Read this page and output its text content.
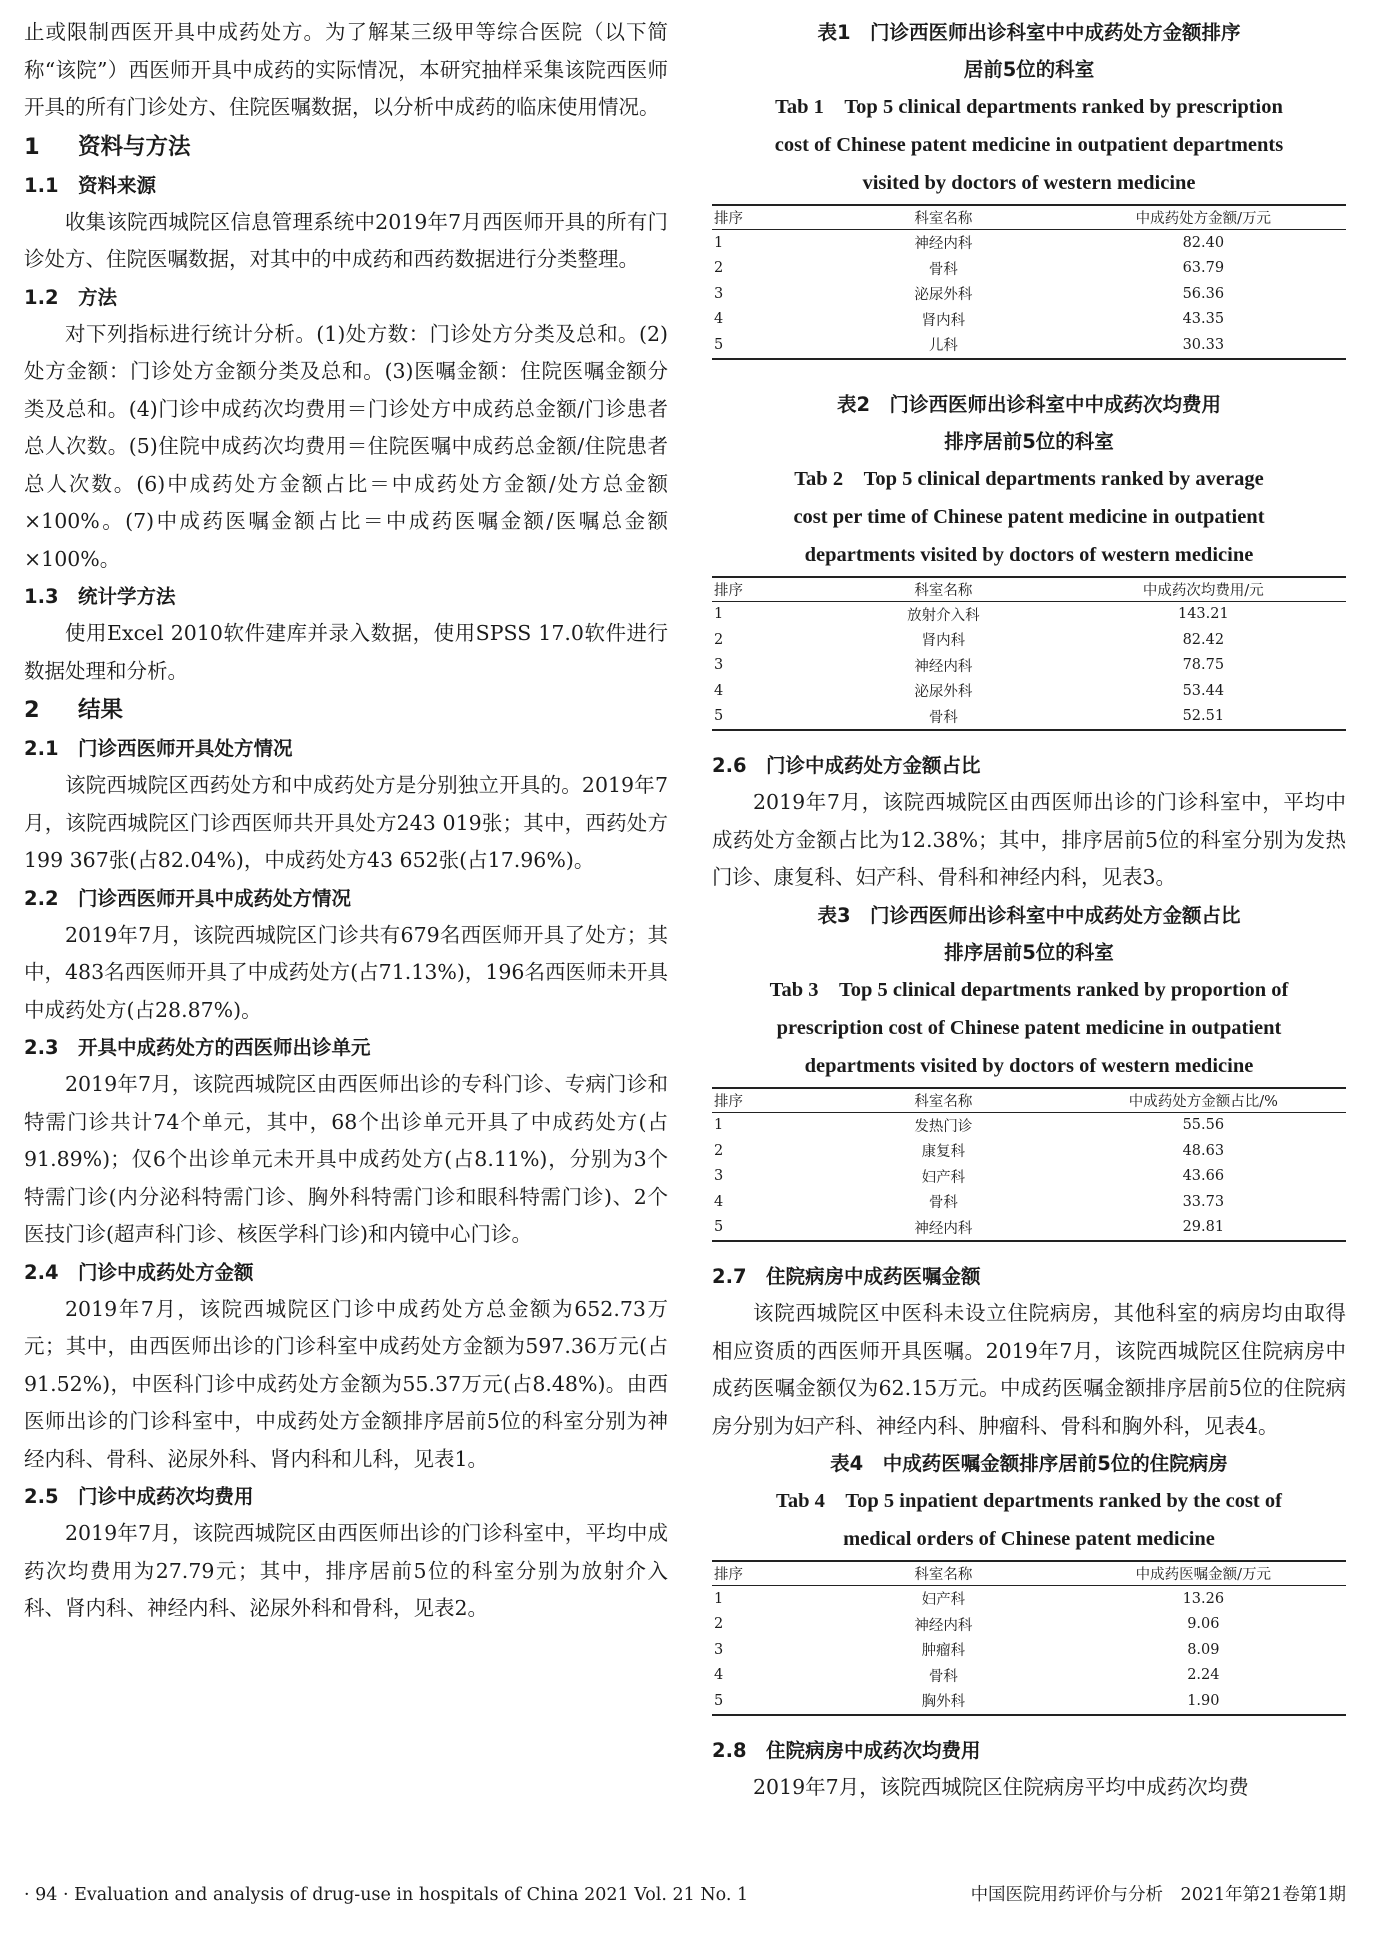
止或限制西医开具中成药处方。为了解某三级甲等综合医院（以下简称“该院”）西医师开具中成药的实际情况，本研究抽样采集该院西医师开具的所有门诊处方、住院医嘱数据，以分析中成药的临床使用情况。

1 资料与方法
1.1 资料来源

收集该院西城院区信息管理系统中2019年7月西医师开具的所有门诊处方、住院医嘱数据，对其中的中成药和西药数据进行分类整理。

1.2 方法

对下列指标进行统计分析。(1)处方数：门诊处方分类及总和。(2)处方金额：门诊处方金额分类及总和。(3)医嘱金额：住院医嘱金额分类及总和。(4)门诊中成药次均费用＝门诊处方中成药总金额/门诊患者总人次数。(5)住院中成药次均费用＝住院医嘱中成药总金额/住院患者总人次数。(6)中成药处方金额占比＝中成药处方金额/处方总金额×100%。(7)中成药医嘱金额占比＝中成药医嘱金额/医嘱总金额×100%。

1.3 统计学方法

使用Excel 2010软件建库并录入数据，使用SPSS 17.0软件进行数据处理和分析。

2 结果
2.1 门诊西医师开具处方情况

该院西城院区西药处方和中成药处方是分别独立开具的。2019年7月，该院西城院区门诊西医师共开具处方243 019张；其中，西药处方199 367张(占82.04%)，中成药处方43 652张(占17.96%)。

2.2 门诊西医师开具中成药处方情况

2019年7月，该院西城院区门诊共有679名西医师开具了处方；其中，483名西医师开具了中成药处方(占71.13%)，196名西医师未开具中成药处方(占28.87%)。

2.3 开具中成药处方的西医师出诊单元

2019年7月，该院西城院区由西医师出诊的专科门诊、专病门诊和特需门诊共计74个单元，其中，68个出诊单元开具了中成药处方(占91.89%)；仅6个出诊单元未开具中成药处方(占8.11%)，分别为3个特需门诊(内分泌科特需门诊、胸外科特需门诊和眼科特需门诊)、2个医技门诊(超声科门诊、核医学科门诊)和内镜中心门诊。

2.4 门诊中成药处方金额

2019年7月，该院西城院区门诊中成药处方总金额为652.73万元；其中，由西医师出诊的门诊科室中成药处方金额为597.36万元(占91.52%)，中医科门诊中成药处方金额为55.37万元(占8.48%)。由西医师出诊的门诊科室中，中成药处方金额排序居前5位的科室分别为神经内科、骨科、泌尿外科、肾内科和儿科，见表1。

2.5 门诊中成药次均费用

2019年7月，该院西城院区由西医师出诊的门诊科室中，平均中成药次均费用为27.79元；其中，排序居前5位的科室分别为放射介入科、肾内科、神经内科、泌尿外科和骨科，见表2。

表1　门诊西医师出诊科室中中成药处方金额排序

居前5位的科室

Tab 1　Top 5 clinical departments ranked by prescription

cost of Chinese patent medicine in outpatient departments

visited by doctors of western medicine

排序	科室名称	中成药处方金额/万元
1	神经内科	82.40
2	骨科	63.79
3	泌尿外科	56.36
4	肾内科	43.35
5	儿科	30.33

表2　门诊西医师出诊科室中中成药次均费用

排序居前5位的科室

Tab 2　Top 5 clinical departments ranked by average

cost per time of Chinese patent medicine in outpatient

departments visited by doctors of western medicine

排序	科室名称	中成药次均费用/元
1	放射介入科	143.21
2	肾内科	82.42
3	神经内科	78.75
4	泌尿外科	53.44
5	骨科	52.51
2.6 门诊中成药处方金额占比

2019年7月，该院西城院区由西医师出诊的门诊科室中，平均中成药处方金额占比为12.38%；其中，排序居前5位的科室分别为发热门诊、康复科、妇产科、骨科和神经内科，见表3。

表3　门诊西医师出诊科室中中成药处方金额占比

排序居前5位的科室

Tab 3　Top 5 clinical departments ranked by proportion of

prescription cost of Chinese patent medicine in outpatient

departments visited by doctors of western medicine

排序	科室名称	中成药处方金额占比/%
1	发热门诊	55.56
2	康复科	48.63
3	妇产科	43.66
4	骨科	33.73
5	神经内科	29.81
2.7 住院病房中成药医嘱金额

该院西城院区中医科未设立住院病房，其他科室的病房均由取得相应资质的西医师开具医嘱。2019年7月，该院西城院区住院病房中成药医嘱金额仅为62.15万元。中成药医嘱金额排序居前5位的住院病房分别为妇产科、神经内科、肿瘤科、骨科和胸外科，见表4。

表4　中成药医嘱金额排序居前5位的住院病房

Tab 4　Top 5 inpatient departments ranked by the cost of

medical orders of Chinese patent medicine

排序	科室名称	中成药医嘱金额/万元
1	妇产科	13.26
2	神经内科	9.06
3	肿瘤科	8.09
4	骨科	2.24
5	胸外科	1.90
2.8 住院病房中成药次均费用

2019年7月，该院西城院区住院病房平均中成药次均费

· 94 · Evaluation and analysis of drug-use in hospitals of China 2021 Vol. 21 No. 1	中国医院用药评价与分析　2021年第21卷第1期
